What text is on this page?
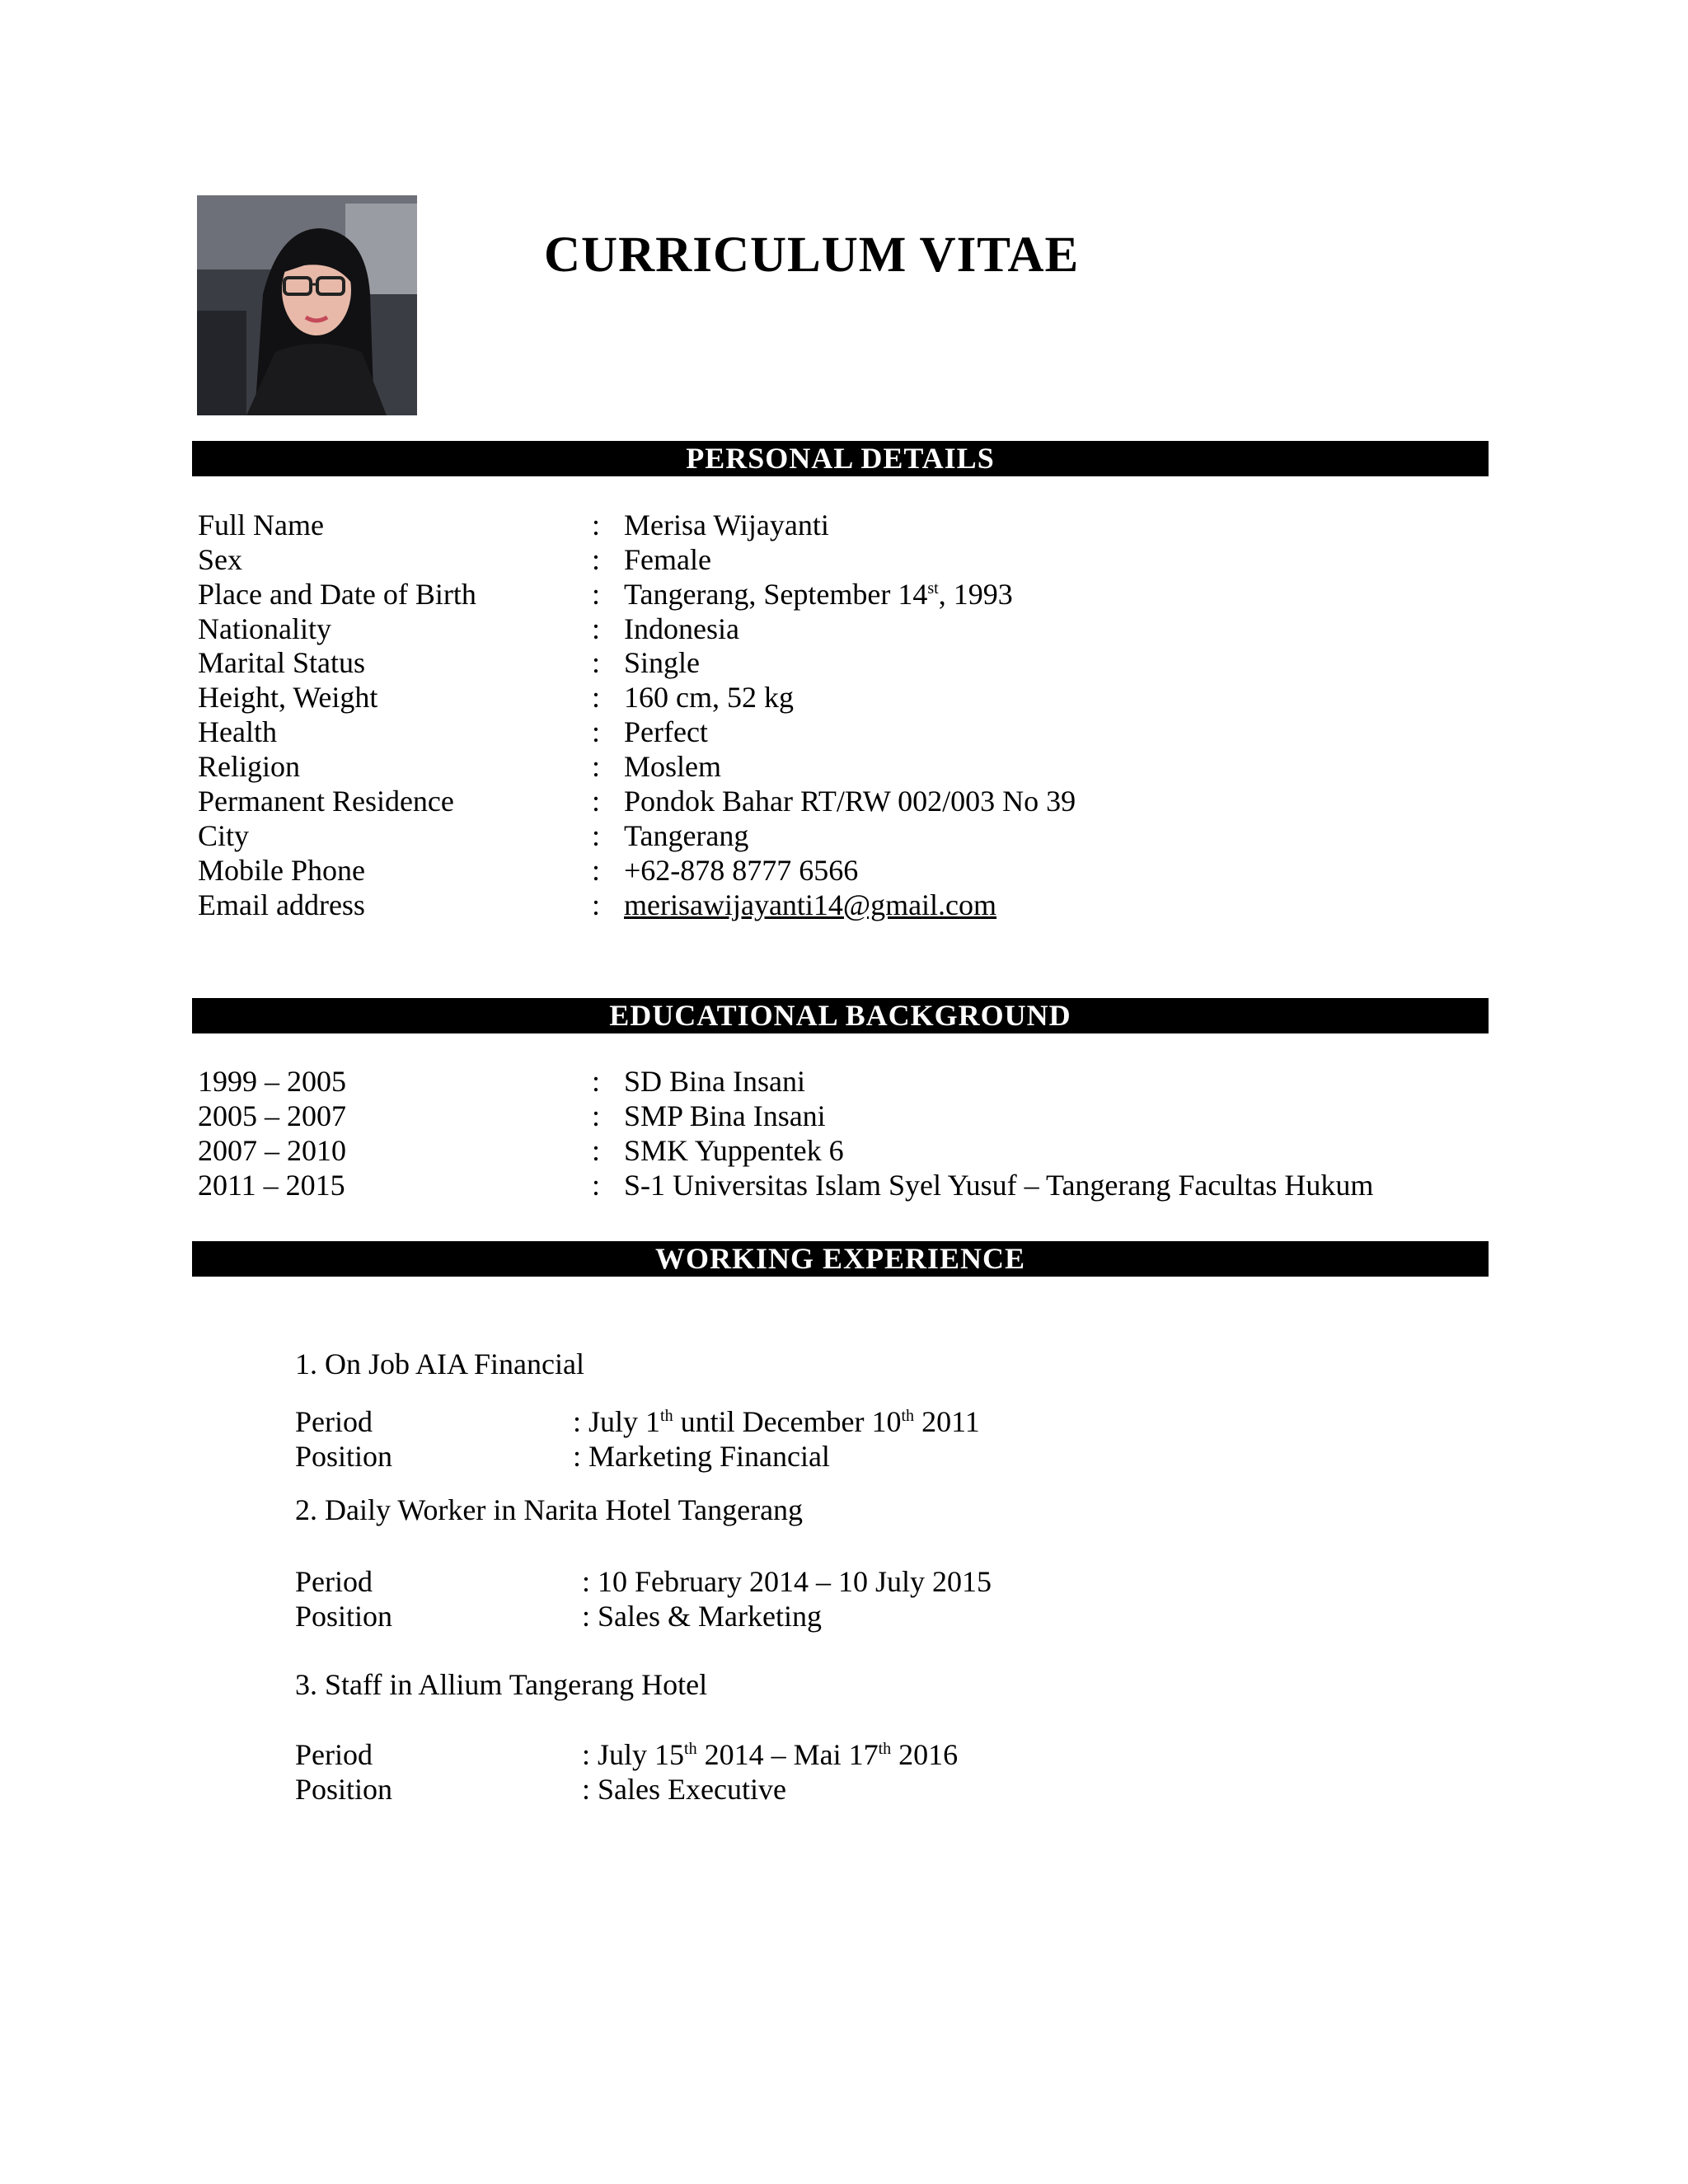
CURRICULUM VITAE
PERSONAL DETAILS
Full Name	: Merisa Wijayanti
Sex	: Female
Place and Date of Birth	: Tangerang, September 14st, 1993
Nationality	: Indonesia
Marital Status	: Single
Height, Weight	: 160 cm, 52 kg
Health	: Perfect
Religion	: Moslem
Permanent Residence	: Pondok Bahar RT/RW 002/003 No 39
City	: Tangerang
Mobile Phone	: +62-878 8777 6566
Email address	: merisawijayanti14@gmail.com
EDUCATIONAL BACKGROUND
1999 – 2005	: SD Bina Insani
2005 – 2007	: SMP Bina Insani
2007 – 2010	: SMK Yuppentek 6
2011 – 2015	: S-1 Universitas Islam Syel Yusuf – Tangerang Facultas Hukum
WORKING EXPERIENCE
1. On Job AIA Financial
Period	: July 1th until December 10th 2011
Position	: Marketing Financial
2. Daily Worker in Narita Hotel Tangerang
Period	: 10 February 2014 – 10 July 2015
Position	: Sales & Marketing
3. Staff in Allium Tangerang Hotel
Period	: July 15th 2014 – Mai 17th 2016
Position	: Sales Executive
